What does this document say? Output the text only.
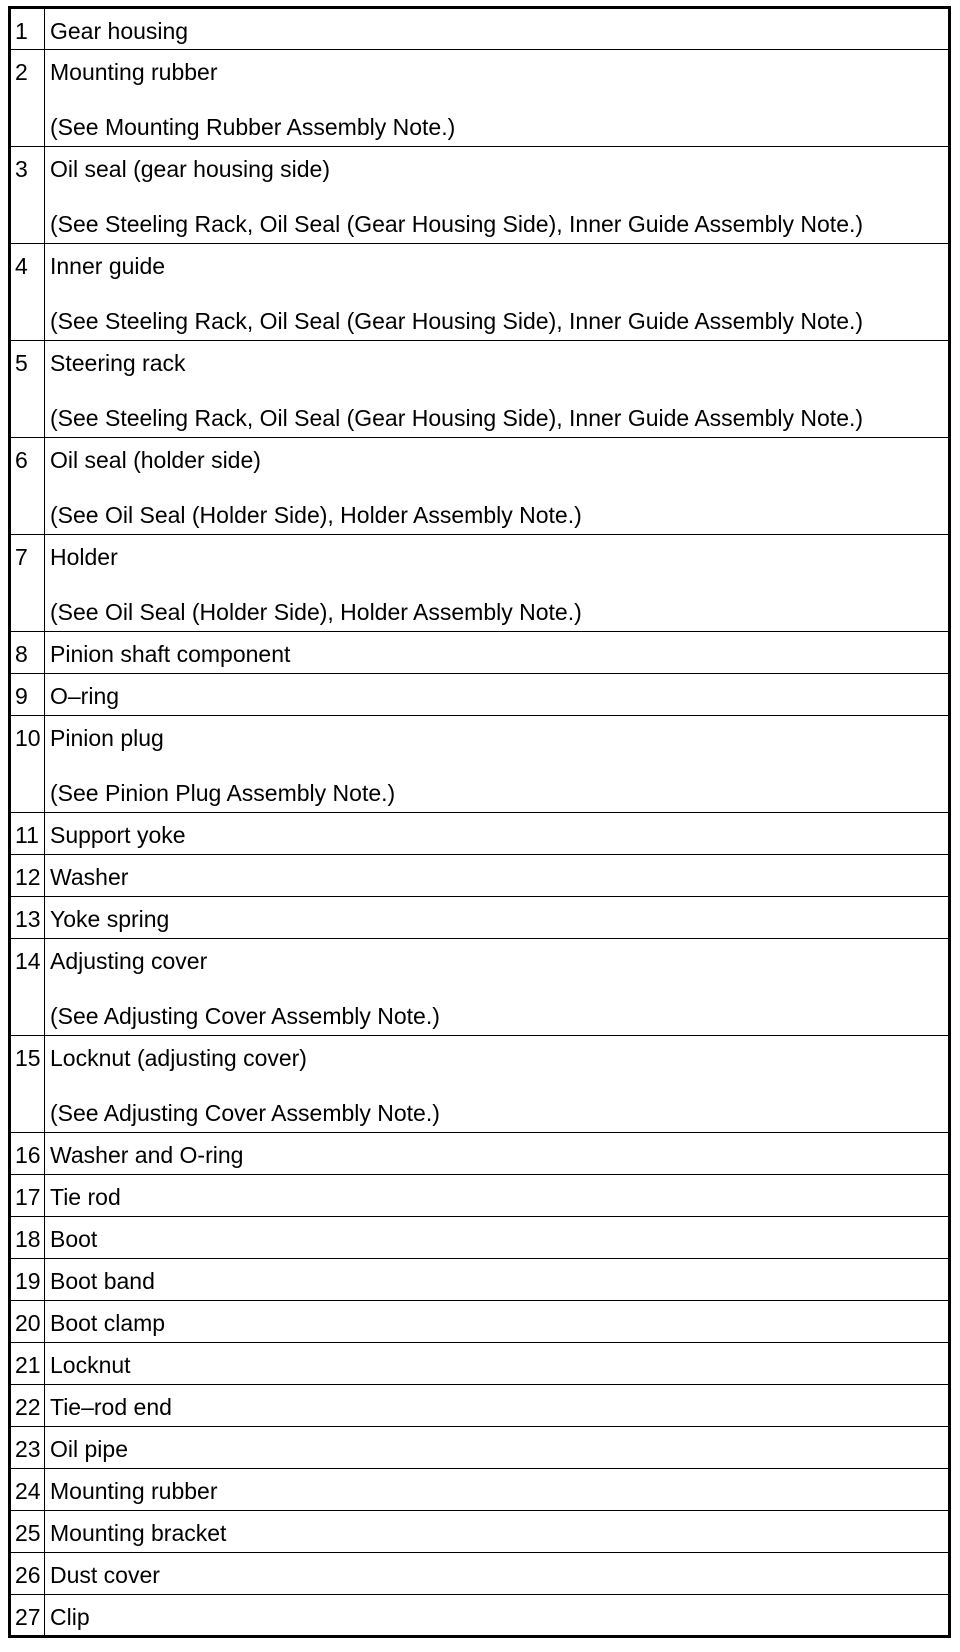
1	Gear housing

2	Mounting rubber
(See Mounting Rubber Assembly Note.)

3	Oil seal (gear housing side)
(See Steeling Rack, Oil Seal (Gear Housing Side), Inner Guide Assembly Note.)

4	Inner guide
(See Steeling Rack, Oil Seal (Gear Housing Side), Inner Guide Assembly Note.)

5	Steering rack
(See Steeling Rack, Oil Seal (Gear Housing Side), Inner Guide Assembly Note.)

6	Oil seal (holder side)
(See Oil Seal (Holder Side), Holder Assembly Note.)

7	Holder
(See Oil Seal (Holder Side), Holder Assembly Note.)

8	Pinion shaft component

9	O–ring

10	Pinion plug
(See Pinion Plug Assembly Note.)

11	Support yoke

12	Washer

13	Yoke spring

14	Adjusting cover
(See Adjusting Cover Assembly Note.)

15	Locknut (adjusting cover)
(See Adjusting Cover Assembly Note.)

16	Washer and O-ring

17	Tie rod

18	Boot

19	Boot band

20	Boot clamp

21	Locknut

22	Tie–rod end

23	Oil pipe

24	Mounting rubber

25	Mounting bracket

26	Dust cover

27	Clip
